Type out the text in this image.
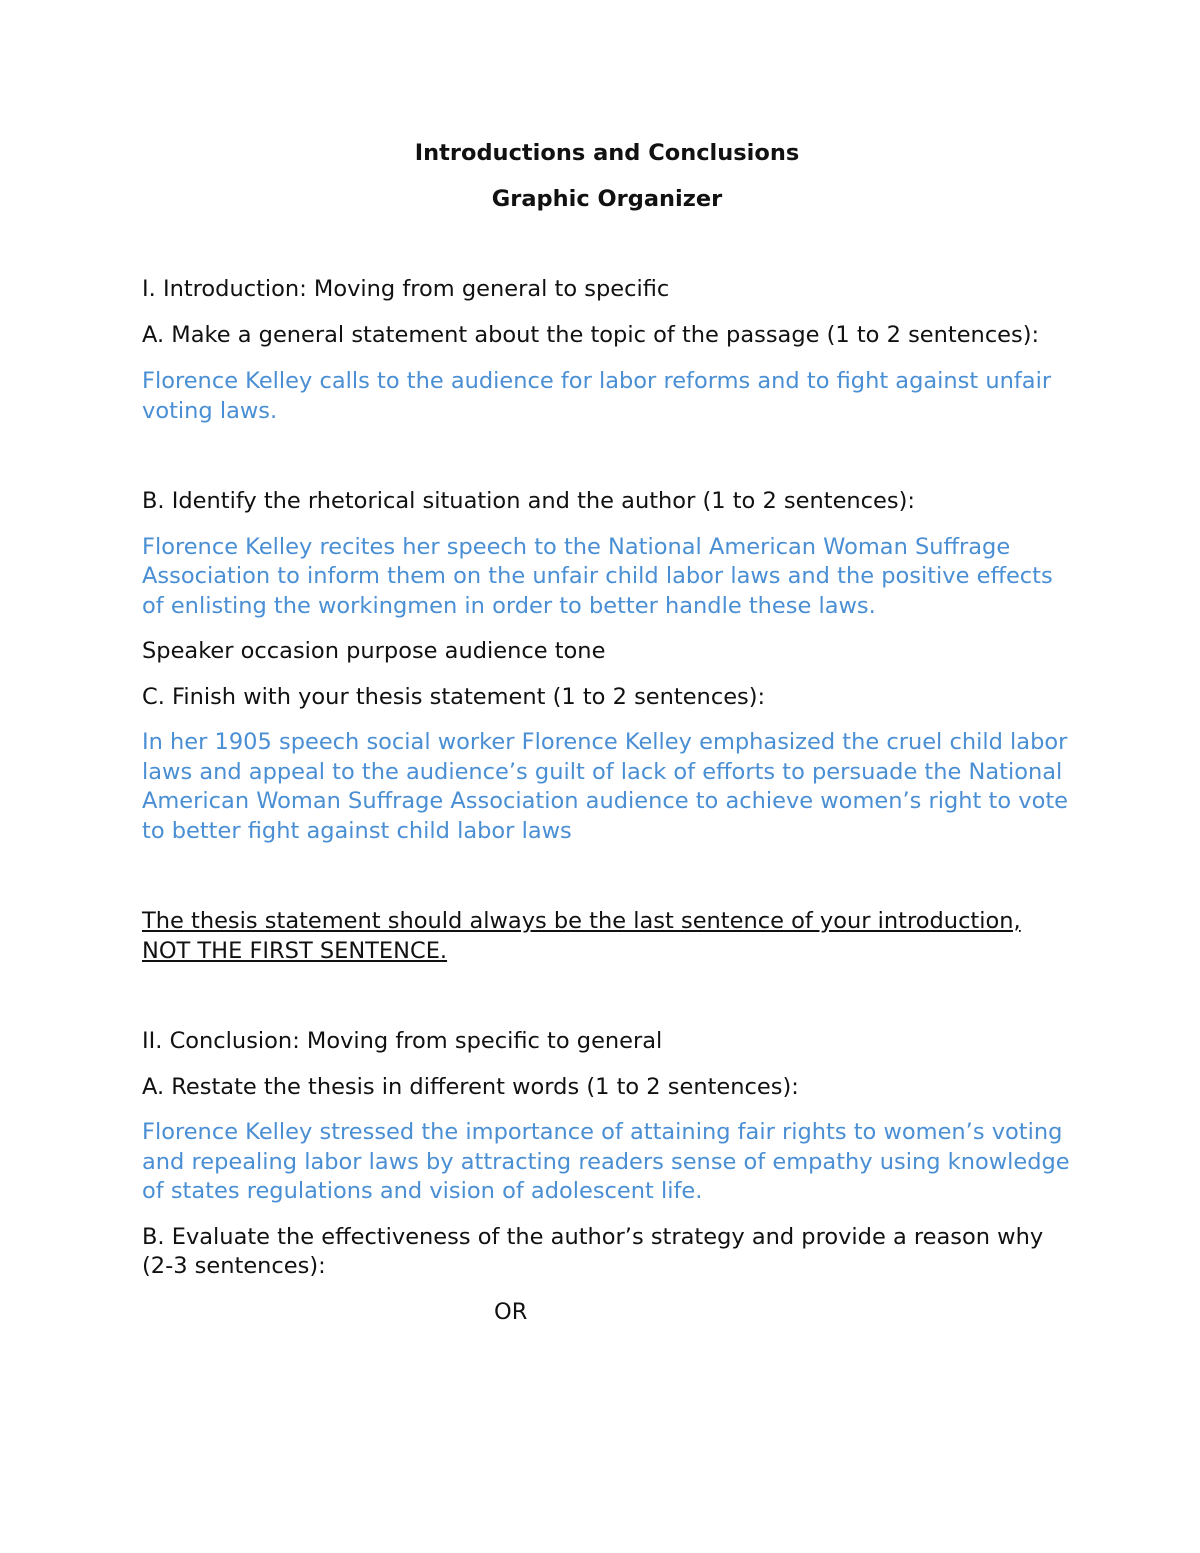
Introductions and Conclusions

Graphic Organizer

I. Introduction: Moving from general to specific

A. Make a general statement about the topic of the passage (1 to 2 sentences):

Florence Kelley calls to the audience for labor reforms and to fight against unfair voting laws.

B. Identify the rhetorical situation and the author (1 to 2 sentences):

Florence Kelley recites her speech to the National American Woman Suffrage Association to inform them on the unfair child labor laws and the positive effects of enlisting the workingmen in order to better handle these laws.

Speaker occasion purpose audience tone

C. Finish with your thesis statement (1 to 2 sentences):

In her 1905 speech social worker Florence Kelley emphasized the cruel child labor laws and appeal to the audience’s guilt of lack of efforts to persuade the National American Woman Suffrage Association audience to achieve women’s right to vote to better fight against child labor laws

The thesis statement should always be the last sentence of your introduction, NOT THE FIRST SENTENCE.

II. Conclusion: Moving from specific to general

A. Restate the thesis in different words (1 to 2 sentences):

Florence Kelley stressed the importance of attaining fair rights to women’s voting and repealing labor laws by attracting readers sense of empathy using knowledge of states regulations and vision of adolescent life.

B. Evaluate the effectiveness of the author’s strategy and provide a reason why (2-3 sentences):

OR
